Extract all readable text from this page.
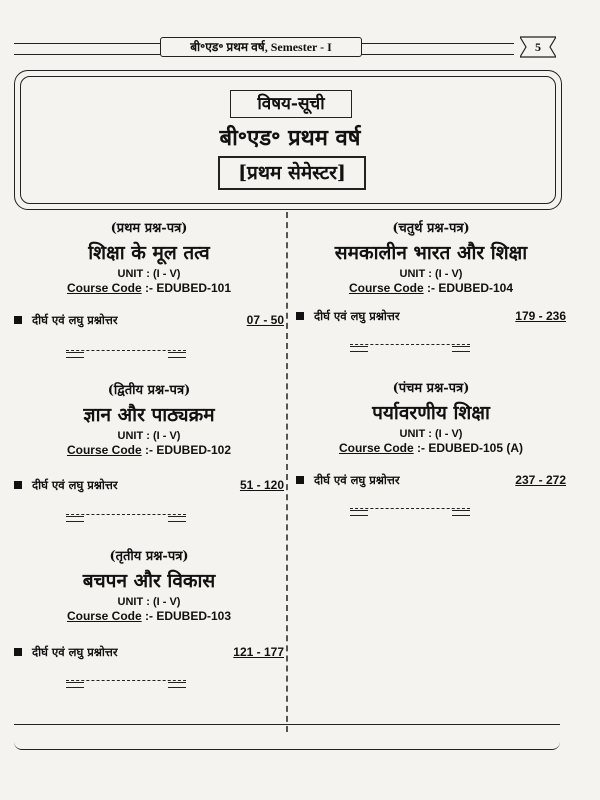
बी॰एड॰ प्रथम वर्ष, Semester - I	5
विषय-सूची
बी॰एड॰ प्रथम वर्ष
[प्रथम सेमेस्टर]
(प्रथम प्रश्न-पत्र)
शिक्षा के मूल तत्व
UNIT : (I - V)
Course Code :- EDUBED-101
दीर्घ एवं लघु प्रश्नोत्तर	07 - 50
(द्वितीय प्रश्न-पत्र)
ज्ञान और पाठ्यक्रम
UNIT : (I - V)
Course Code :- EDUBED-102
दीर्घ एवं लघु प्रश्नोत्तर	51 - 120
(तृतीय प्रश्न-पत्र)
बचपन और विकास
UNIT : (I - V)
Course Code :- EDUBED-103
दीर्घ एवं लघु प्रश्नोत्तर	121 - 177
(चतुर्थ प्रश्न-पत्र)
समकालीन भारत और शिक्षा
UNIT : (I - V)
Course Code :- EDUBED-104
दीर्घ एवं लघु प्रश्नोत्तर	179 - 236
(पंचम प्रश्न-पत्र)
पर्यावरणीय शिक्षा
UNIT : (I - V)
Course Code :- EDUBED-105 (A)
दीर्घ एवं लघु प्रश्नोत्तर	237 - 272
